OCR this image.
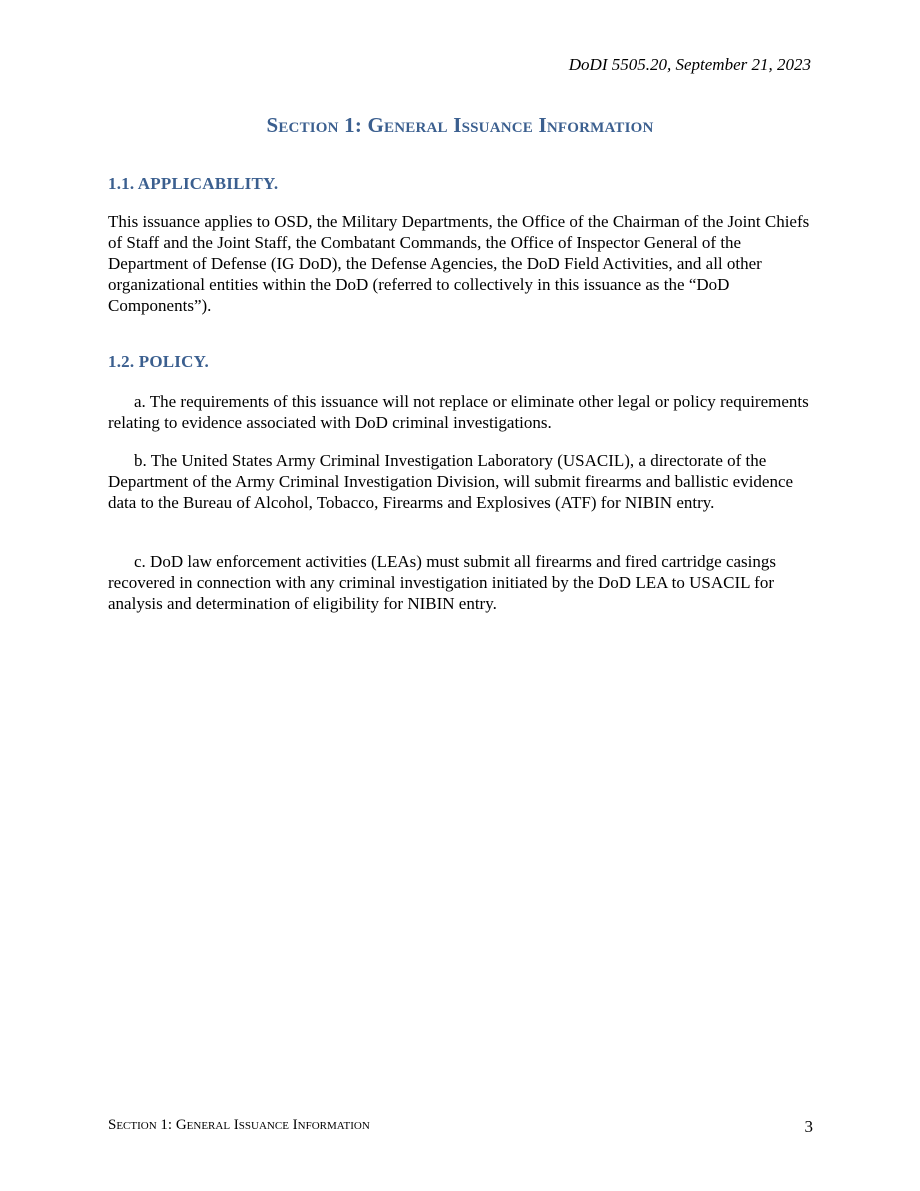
DoDI 5505.20, September 21, 2023
Section 1: General Issuance Information

1.1. APPLICABILITY.

This issuance applies to OSD, the Military Departments, the Office of the Chairman of the Joint Chiefs of Staff and the Joint Staff, the Combatant Commands, the Office of Inspector General of the Department of Defense (IG DoD), the Defense Agencies, the DoD Field Activities, and all other organizational entities within the DoD (referred to collectively in this issuance as the “DoD Components”).

1.2. POLICY.

a. The requirements of this issuance will not replace or eliminate other legal or policy requirements relating to evidence associated with DoD criminal investigations.

b. The United States Army Criminal Investigation Laboratory (USACIL), a directorate of the Department of the Army Criminal Investigation Division, will submit firearms and ballistic evidence data to the Bureau of Alcohol, Tobacco, Firearms and Explosives (ATF) for NIBIN entry.

c. DoD law enforcement activities (LEAs) must submit all firearms and fired cartridge casings recovered in connection with any criminal investigation initiated by the DoD LEA to USACIL for analysis and determination of eligibility for NIBIN entry.

Section 1: General Issuance Information	3
